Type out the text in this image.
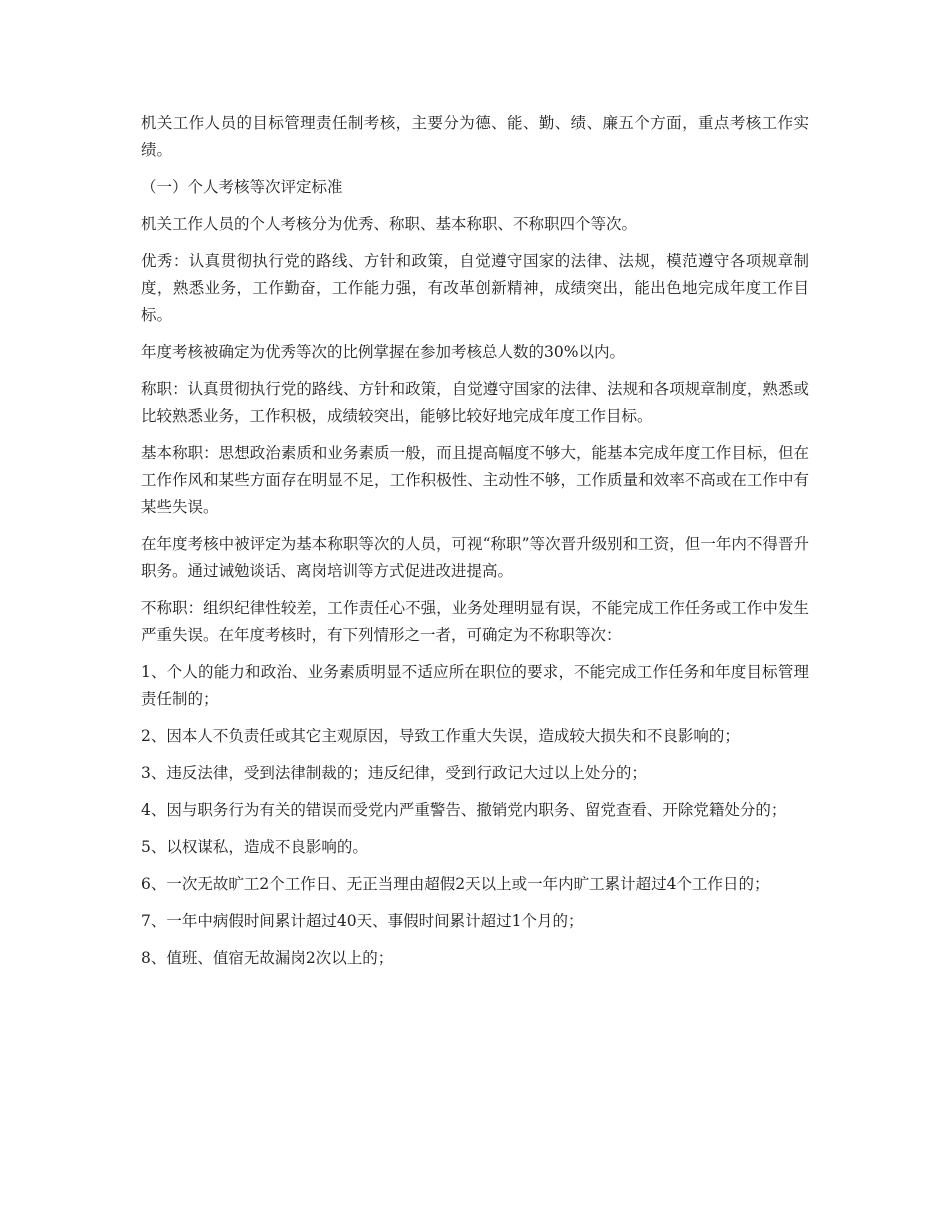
机关工作人员的目标管理责任制考核，主要分为德、能、勤、绩、廉五个方面，重点考核工作实绩。

（一）个人考核等次评定标准

机关工作人员的个人考核分为优秀、称职、基本称职、不称职四个等次。

优秀：认真贯彻执行党的路线、方针和政策，自觉遵守国家的法律、法规，模范遵守各项规章制度，熟悉业务，工作勤奋，工作能力强，有改革创新精神，成绩突出，能出色地完成年度工作目标。

年度考核被确定为优秀等次的比例掌握在参加考核总人数的30%以内。

称职：认真贯彻执行党的路线、方针和政策，自觉遵守国家的法律、法规和各项规章制度，熟悉或比较熟悉业务，工作积极，成绩较突出，能够比较好地完成年度工作目标。

基本称职：思想政治素质和业务素质一般，而且提高幅度不够大，能基本完成年度工作目标，但在工作作风和某些方面存在明显不足，工作积极性、主动性不够，工作质量和效率不高或在工作中有某些失误。

在年度考核中被评定为基本称职等次的人员，可视“称职”等次晋升级别和工资，但一年内不得晋升职务。通过诫勉谈话、离岗培训等方式促进改进提高。

不称职：组织纪律性较差，工作责任心不强，业务处理明显有误，不能完成工作任务或工作中发生严重失误。在年度考核时，有下列情形之一者，可确定为不称职等次：

1、个人的能力和政治、业务素质明显不适应所在职位的要求，不能完成工作任务和年度目标管理责任制的；

2、因本人不负责任或其它主观原因，导致工作重大失误，造成较大损失和不良影响的；

3、违反法律，受到法律制裁的；违反纪律，受到行政记大过以上处分的；

4、因与职务行为有关的错误而受党内严重警告、撤销党内职务、留党查看、开除党籍处分的；

5、以权谋私，造成不良影响的。

6、一次无故旷工2个工作日、无正当理由超假2天以上或一年内旷工累计超过4个工作日的；

7、一年中病假时间累计超过40天、事假时间累计超过1个月的；

8、值班、值宿无故漏岗2次以上的；
